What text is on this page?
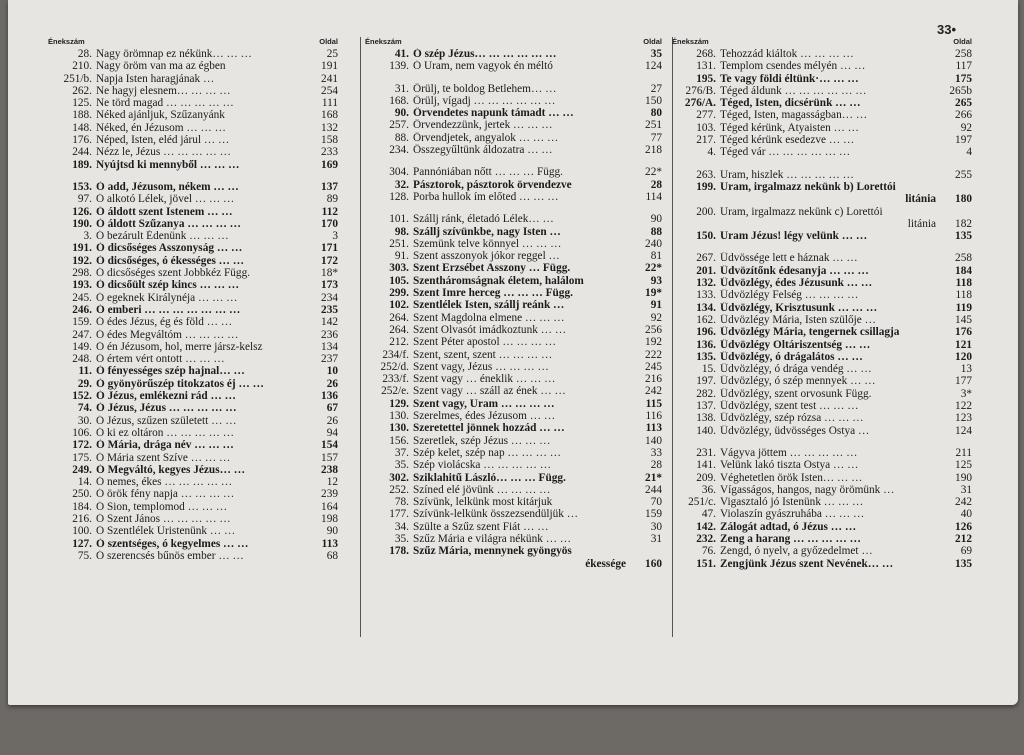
33•
Énekszám	Oldal
28. Nagy örömnap ez nékünk… … …	25
210. Nagy öröm van ma az égben	191
251/b. Napja Isten haragjának …	241
262. Ne hagyj elesnem… … … …	254
125. Ne törd magad … … … … …	111
188. Néked ajánljuk, Szűzanyánk	168
148. Néked, én Jézusom … … …	132
176. Néped, Isten, eléd járul … …	158
244. Nézz le, Jézus … … … … …	233
189. Nyújtsd ki mennyből … … …	169
153. Ó add, Jézusom, nékem … …	137
97. Ó alkotó Lélek, jövel … … …	89
126. Ó áldott szent Istenem … …	112
190. Ó áldott Szűzanya … … … …	170
3. Ó bezárult Édenünk … … …	3
191. Ó dicsőséges Asszonyság … …	171
192. Ó dicsőséges, ó ékességes … …	172
298. Ó dicsőséges szent Jobbkéz Függ.	18*
193. Ó dicsőült szép kincs … … …	173
245. Ó egeknek Királynéja … … …	234
246. Ó emberi … … … … … … …	235
159. Ó édes Jézus, ég és föld … …	142
247. Ó édes Megváltóm … … … …	236
149. Ó én Jézusom, hol, merre jársz-kelsz	134
248. Ó értem vért ontott … … …	237
11. Ó fényességes szép hajnal… …	10
29. Ó gyönyörűszép titokzatos éj … …	26
152. Ó Jézus, emlékezni rád … …	136
74. Ó Jézus, Jézus … … … … …	67
30. Ó Jézus, szűzen született … …	26
106. Ó ki ez oltáron … … … … …	94
172. Ó Mária, drága név … … …	154
175. Ó Mária szent Szíve … … …	157
249. Ó Megváltó, kegyes Jézus… …	238
14. Ó nemes, ékes … … … … …	12
250. Ó örök fény napja … … … …	239
184. Ó Sion, templomod … … …	164
216. Ó Szent János … … … … …	198
100. Ó Szentlélek Úristenünk … …	90
127. Ó szentséges, ó kegyelmes … …	113
75. Ó szerencsés bűnös ember … …	68
Énekszám	Oldal
41. Ó szép Jézus… … … … … …	35
139. Ó Uram, nem vagyok én méltó	124
31. Örülj, te boldog Betlehem… …	27
168. Örülj, vígadj … … … … … …	150
90. Örvendetes napunk támadt … …	80
257. Örvendezzünk, jertek … … …	251
88. Örvendjetek, angyalok … … …	77
234. Összegyűltünk áldozatra … …	218
304. Pannóniában nőtt … … … Függ.	22*
32. Pásztorok, pásztorok örvendezve	28
128. Porba hullok ím előted … … …	114
101. Szállj ránk, életadó Lélek… …	90
98. Szállj szívünkbe, nagy Isten …	88
251. Szemünk telve könnyel … … …	240
91. Szent asszonyok jókor reggel …	81
303. Szent Erzsébet Asszony … Függ.	22*
105. Szentháromságnak életem, halálom	93
299. Szent Imre herceg … … … Függ.	19*
102. Szentlélek Isten, szállj reánk …	91
264. Szent Magdolna elmene … … …	92
264. Szent Olvasót imádkoztunk … …	256
212. Szent Péter apostol … … … …	192
234/f. Szent, szent, szent … … … …	222
252/d. Szent vagy, Jézus … … … …	245
233/f. Szent vagy … éneklik … … …	216
252/e. Szent vagy … száll az ének … …	242
129. Szent vagy, Uram … … … …	115
130. Szerelmes, édes Jézusom … …	116
130. Szeretettel jönnek hozzád … …	113
156. Szeretlek, szép Jézus … … …	140
37. Szép kelet, szép nap … … … …	33
35. Szép violácska … … … … …	28
302. Sziklahitű László… … … Függ.	21*
252. Színed elé jövünk … … … …	244
78. Szívünk, lelkünk most kitárjuk	70
177. Szívünk-lelkünk összezsendüljük …	159
34. Szülte a Szűz szent Fiát … …	30
35. Szűz Mária e világra nékünk … …	31
178. Szűz Mária, mennynek gyöngyös
ékessége 160
Énekszám	Oldal
268. Tehozzád kiáltok … … … …	258
131. Templom csendes mélyén … …	117
195. Te vagy földi éltünk·… … …	175
276/B. Téged áldunk … … … … … …	265b
276/A. Téged, Isten, dicsérünk … …	265
277. Téged, Isten, magasságban… …	266
103. Téged kérünk, Atyaisten … …	92
217. Téged kérünk esedezve … …	197
4. Téged vár … … … … … …	4
263. Uram, hiszlek … … … … …	255
199. Uram, irgalmazz nekünk b) Lorettói
litánia 180
200. Uram, irgalmazz nekünk c) Lorettói
litánia 182
150. Uram Jézus! légy velünk … …	135
267. Üdvössége lett e háznak … …	258
201. Üdvözítőnk édesanyja … … …	184
132. Üdvözlégy, édes Jézusunk … …	118
133. Üdvözlégy Felség … … … …	118
134. Üdvözlégy, Krisztusunk … … …	119
162. Üdvözlégy Mária, Isten szülője …	145
196. Üdvözlégy Mária, tengernek csillagja	176
136. Üdvözlégy Oltáriszentség … …	121
135. Üdvözlégy, ó drágalátos … …	120
15. Üdvözlégy, ó drága vendég … …	13
197. Üdvözlégy, ó szép mennyek … …	177
282. Üdvözlégy, szent orvosunk Függ.	3*
137. Üdvözlégy, szent test … … …	122
138. Üdvözlégy, szép rózsa … … …	123
140. Üdvözlégy, üdvösséges Ostya …	124
231. Vágyva jöttem … … … … …	211
141. Velünk lakó tiszta Ostya … …	125
209. Véghetetlen örök Isten… … …	190
36. Vígasságos, hangos, nagy örömünk …	31
251/c. Vigasztaló jó Istenünk … … …	242
47. Violaszín gyászruhába … … …	40
142. Zálogát adtad, ó Jézus … …	126
232. Zeng a harang … … … … …	212
76. Zengd, ó nyelv, a győzedelmet …	69
151. Zengjünk Jézus szent Nevének… …	135
